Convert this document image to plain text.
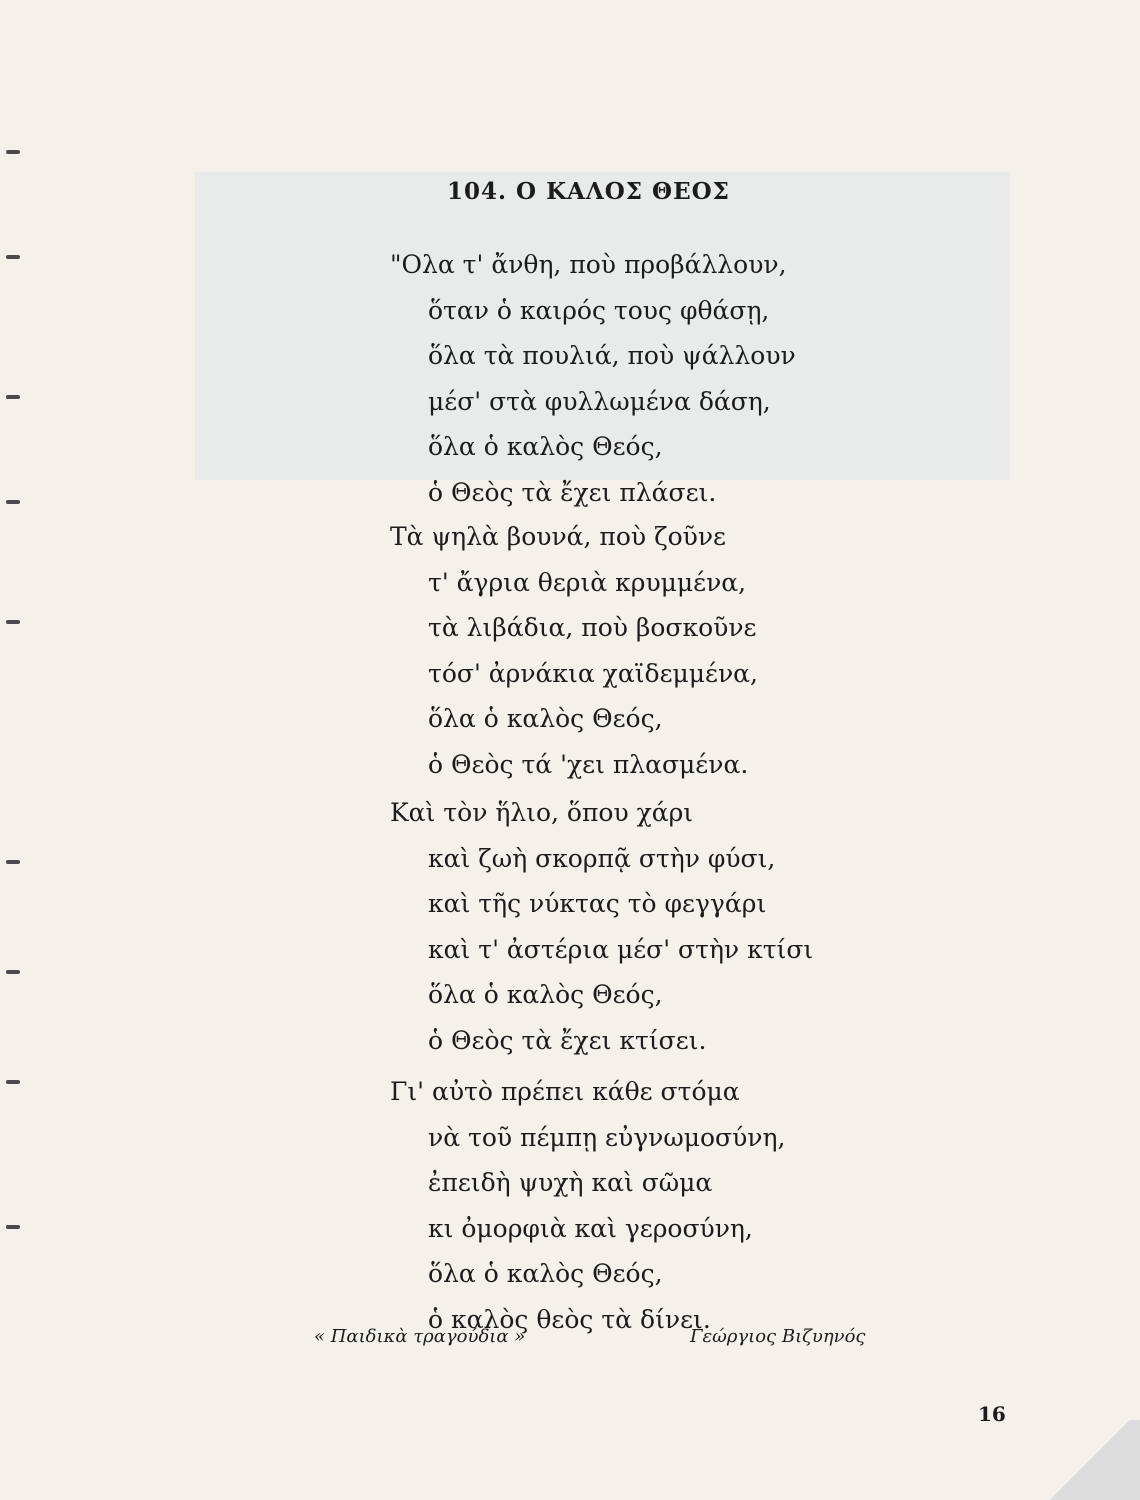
104. Ο ΚΑΛΟΣ ΘΕΟΣ
"Ολα τ' ἄνθη, ποὺ προβάλλουν,
ὅταν ὁ καιρός τους φθάσῃ,
ὅλα τὰ πουλιά, ποὺ ψάλλουν
μέσ' στὰ φυλλωμένα δάση,
ὅλα ὁ καλὸς Θεός,
ὁ Θεὸς τὰ ἔχει πλάσει.
Τὰ ψηλὰ βουνά, ποὺ ζοῦνε
τ' ἄγρια θεριὰ κρυμμένα,
τὰ λιβάδια, ποὺ βοσκοῦνε
τόσ' ἀρνάκια χαϊδεμμένα,
ὅλα ὁ καλὸς Θεός,
ὁ Θεὸς τά 'χει πλασμένα.
Καὶ τὸν ἥλιο, ὅπου χάρι
καὶ ζωὴ σκορπᾷ στὴν φύσι,
καὶ τῆς νύκτας τὸ φεγγάρι
καὶ τ' ἀστέρια μέσ' στὴν κτίσι
ὅλα ὁ καλὸς Θεός,
ὁ Θεὸς τὰ ἔχει κτίσει.
Γι' αὐτὸ πρέπει κάθε στόμα
νὰ τοῦ πέμπῃ εὐγνωμοσύνη,
ἐπειδὴ ψυχὴ καὶ σῶμα
κι ὀμορφιὰ καὶ γεροσύνη,
ὅλα ὁ καλὸς Θεός,
ὁ καλὸς θεὸς τὰ δίνει.
« Παιδικὰ τραγούδια »	Γεώργιος Βιζυηνός
16
